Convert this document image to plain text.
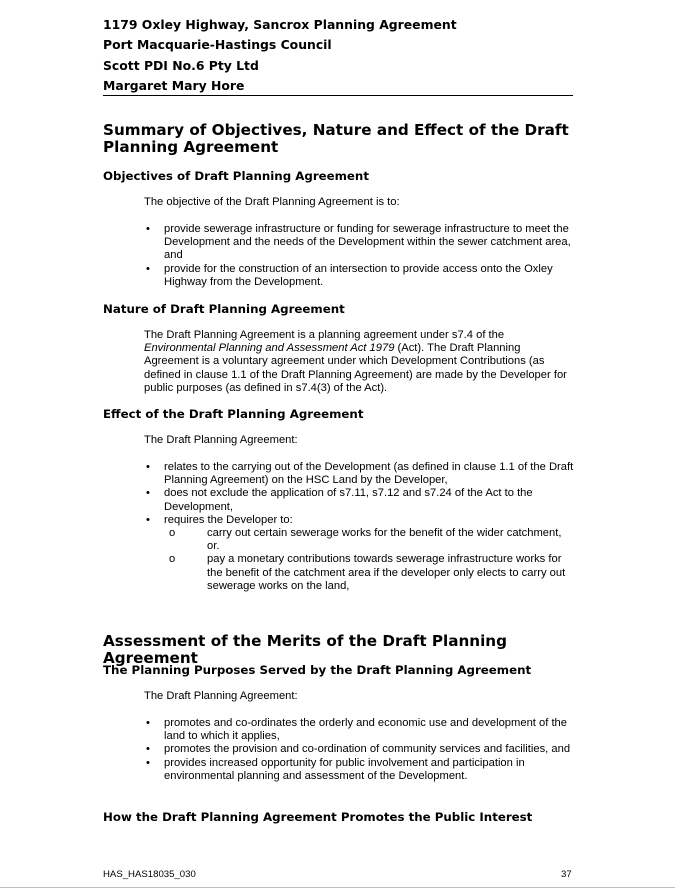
1179 Oxley Highway, Sancrox Planning Agreement
Port Macquarie-Hastings Council
Scott PDI No.6 Pty Ltd
Margaret Mary Hore
Summary of Objectives, Nature and Effect of the Draft Planning Agreement
Objectives of Draft Planning Agreement
The objective of the Draft Planning Agreement is to:
• provide sewerage infrastructure or funding for sewerage infrastructure to meet the Development and the needs of the Development within the sewer catchment area, and
• provide for the construction of an intersection to provide access onto the Oxley Highway from the Development.
Nature of Draft Planning Agreement
The Draft Planning Agreement is a planning agreement under s7.4 of the Environmental Planning and Assessment Act 1979 (Act). The Draft Planning Agreement is a voluntary agreement under which Development Contributions (as defined in clause 1.1 of the Draft Planning Agreement) are made by the Developer for public purposes (as defined in s7.4(3) of the Act).
Effect of the Draft Planning Agreement
The Draft Planning Agreement:
• relates to the carrying out of the Development (as defined in clause 1.1 of the Draft Planning Agreement) on the HSC Land by the Developer,
• does not exclude the application of s7.11, s7.12 and s7.24 of the Act to the Development,
• requires the Developer to:
o	carry out certain sewerage works for the benefit of the wider catchment, or.
o	pay a monetary contributions towards sewerage infrastructure works for the benefit of the catchment area if the developer only elects to carry out sewerage works on the land,
Assessment of the Merits of the Draft Planning Agreement
The Planning Purposes Served by the Draft Planning Agreement
The Draft Planning Agreement:
• promotes and co-ordinates the orderly and economic use and development of the land to which it applies,
• promotes the provision and co-ordination of community services and facilities, and
• provides increased opportunity for public involvement and participation in environmental planning and assessment of the Development.
How the Draft Planning Agreement Promotes the Public Interest
HAS_HAS18035_030	37
